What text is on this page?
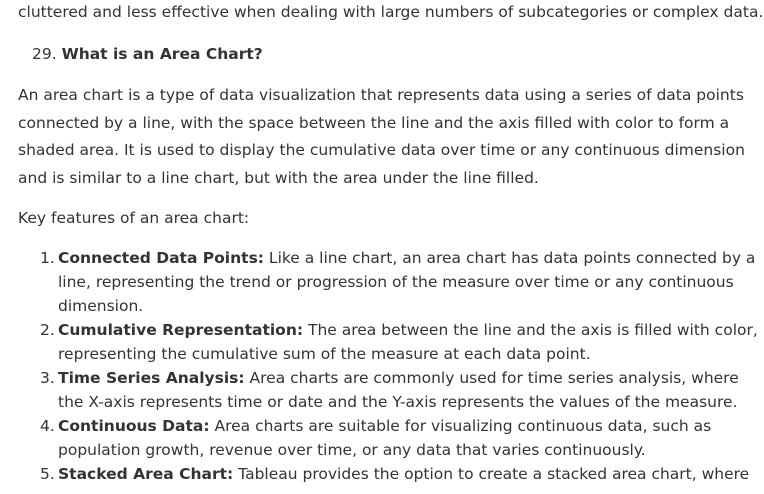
cluttered and less effective when dealing with large numbers of subcategories or complex data.

29. What is an Area Chart?

An area chart is a type of data visualization that represents data using a series of data points connected by a line, with the space between the line and the axis filled with color to form a shaded area. It is used to display the cumulative data over time or any continuous dimension and is similar to a line chart, but with the area under the line filled.

Key features of an area chart:

1. Connected Data Points: Like a line chart, an area chart has data points connected by a line, representing the trend or progression of the measure over time or any continuous dimension.
2. Cumulative Representation: The area between the line and the axis is filled with color, representing the cumulative sum of the measure at each data point.
3. Time Series Analysis: Area charts are commonly used for time series analysis, where the X-axis represents time or date and the Y-axis represents the values of the measure.
4. Continuous Data: Area charts are suitable for visualizing continuous data, such as population growth, revenue over time, or any data that varies continuously.
5. Stacked Area Chart: Tableau provides the option to create a stacked area chart, where
